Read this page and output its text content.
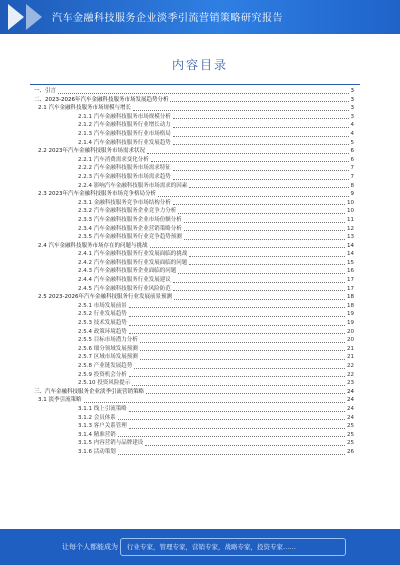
汽车金融科技服务企业淡季引流营销策略研究报告
内容目录
一、引言	3
二、2023-2026年汽车金融科技服务市场发展趋势分析	3
2.1 汽车金融科技服务市场规模与增长	3
2.1.1 汽车金融科技服务市场规模分析	3
2.1.2 汽车金融科技服务行业增长动力	4
2.1.3 汽车金融科技服务行业市场格局	4
2.1.4 汽车金融科技服务行业发展趋势	5
2.2 2023年汽车金融科技服务市场需求状况	6
2.2.1 汽车消费需求变化分析	6
2.2.2 汽车金融科技服务市场需求特征	7
2.2.3 汽车金融科技服务市场需求趋势	7
2.2.4 影响汽车金融科技服务市场需求的因素	8
2.3 2023年汽车金融科技服务市场竞争格局分析	9
2.3.1 金融科技服务竞争市场结构分析	10
2.3.2 汽车金融科技服务企业竞争力分析	10
2.3.3 汽车金融科技服务企业市场份额分析	11
2.3.4 汽车金融科技服务企业营销策略分析	12
2.3.5 汽车金融科技服务行业竞争趋势预测	13
2.4 汽车金融科技服务市场存在的问题与挑战	14
2.4.1 汽车金融科技服务行业发展面临的挑战	14
2.4.2 汽车金融科技服务行业发展面临的问题	15
2.4.3 汽车金融科技服务企业面临的问题	16
2.4.4 汽车金融科技服务行业发展建议	17
2.4.5 汽车金融科技服务行业风险防范	17
2.5 2023-2026年汽车金融科技服务行业发展前景预测	18
2.5.1 市场发展前景	18
2.5.2 行业发展趋势	19
2.5.3 技术发展趋势	19
2.5.4 政策环境趋势	20
2.5.5 目标市场潜力分析	20
2.5.6 细分领域发展预测	21
2.5.7 区域市场发展预测	21
2.5.8 产业链发展趋势	22
2.5.9 投资机会分析	22
2.5.10 投资风险提示	23
三、汽车金融科技服务企业淡季引流营销策略	24
3.1 淡季引流策略	24
3.1.1 线上引流策略	24
3.1.2 会员体系	24
3.1.3 客户关系管理	25
3.1.4 精准营销	25
3.1.5 内容营销与品牌建设	25
3.1.6 活动策划	26
让每个人都能成为 行业专家，管理专家，营销专家，战略专家，投资专家……
